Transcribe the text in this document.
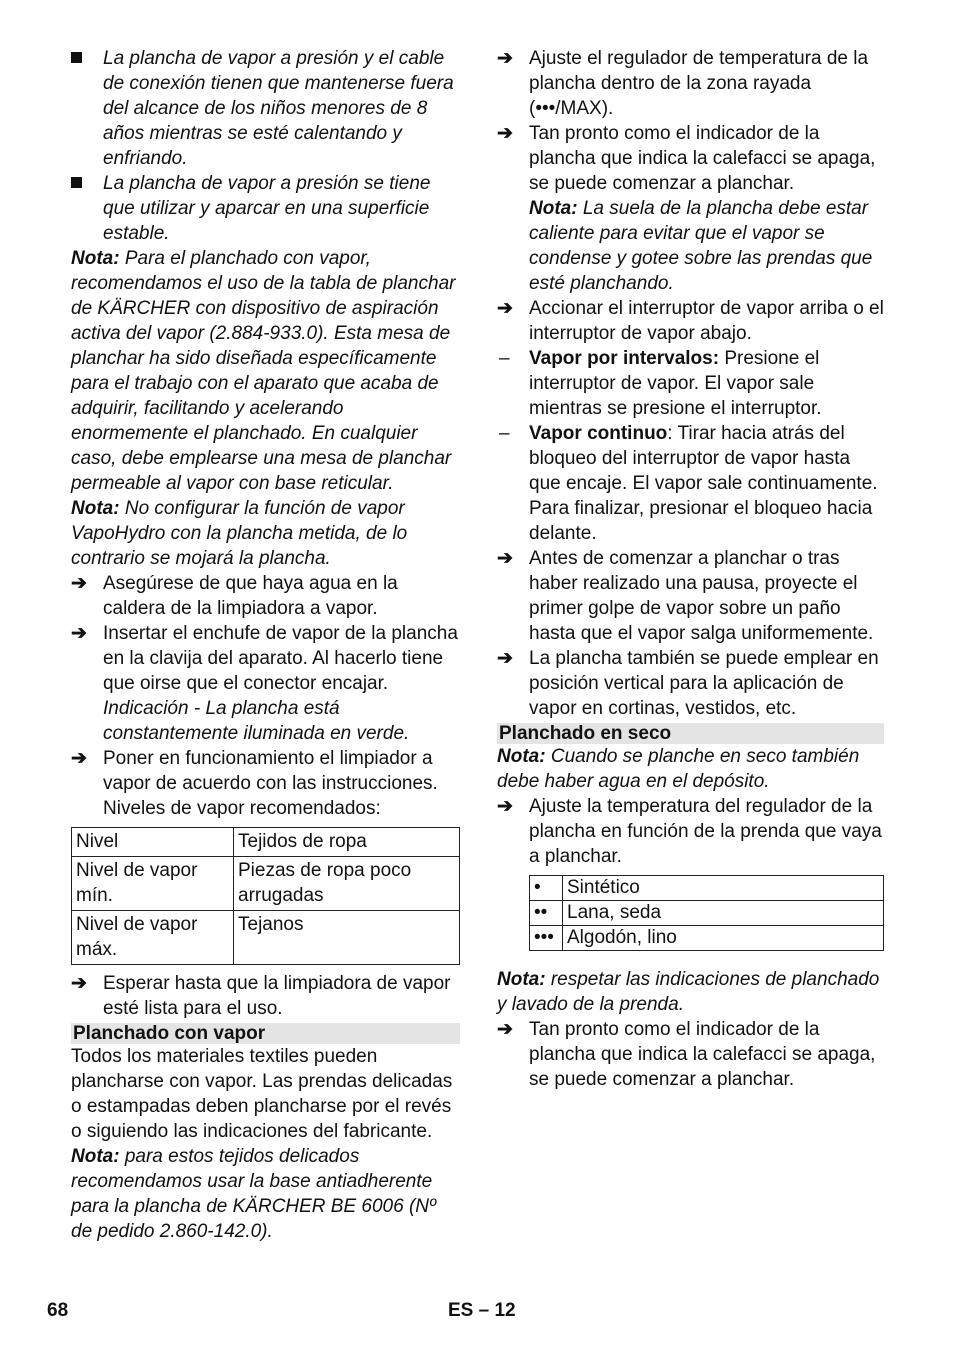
La plancha de vapor a presión y el cable de conexión tienen que mantenerse fuera del alcance de los niños menores de 8 años mientras se esté calentando y enfriando.
La plancha de vapor a presión se tiene que utilizar y aparcar en una superficie estable.

Nota: Para el planchado con vapor, recomendamos el uso de la tabla de planchar de KÄRCHER con dispositivo de aspiración activa del vapor (2.884-933.0). Esta mesa de planchar ha sido diseñada específicamente para el trabajo con el aparato que acaba de adquirir, facilitando y acelerando enormemente el planchado. En cualquier caso, debe emplearse una mesa de planchar permeable al vapor con base reticular.

Nota: No configurar la función de vapor VapoHydro con la plancha metida, de lo contrario se mojará la plancha.

➔ Asegúrese de que haya agua en la caldera de la limpiadora a vapor.
➔ Insertar el enchufe de vapor de la plancha en la clavija del aparato. Al hacerlo tiene que oirse que el conector encajar. Indicación - La plancha está constantemente iluminada en verde.
➔ Poner en funcionamiento el limpiador a vapor de acuerdo con las instrucciones. Niveles de vapor recomendados:
Nivel	Tejidos de ropa
Nivel de vapor mín.	Piezas de ropa poco arrugadas
Nivel de vapor máx.	Tejanos
➔ Esperar hasta que la limpiadora de vapor esté lista para el uso.

Planchado con vapor

Todos los materiales textiles pueden plancharse con vapor. Las prendas delicadas o estampadas deben plancharse por el revés o siguiendo las indicaciones del fabricante.

Nota: para estos tejidos delicados recomendamos usar la base antiadherente para la plancha de KÄRCHER BE 6006 (Nº de pedido 2.860-142.0).

➔ Ajuste el regulador de temperatura de la plancha dentro de la zona rayada (•••/MAX).
➔ Tan pronto como el indicador de la plancha que indica la calefacci se apaga, se puede comenzar a planchar.
Nota: La suela de la plancha debe estar caliente para evitar que el vapor se condense y gotee sobre las prendas que esté planchando.
➔ Accionar el interruptor de vapor arriba o el interruptor de vapor abajo.
– Vapor por intervalos: Presione el interruptor de vapor. El vapor sale mientras se presione el interruptor.
– Vapor continuo: Tirar hacia atrás del bloqueo del interruptor de vapor hasta que encaje. El vapor sale continuamente. Para finalizar, presionar el bloqueo hacia delante.
➔ Antes de comenzar a planchar o tras haber realizado una pausa, proyecte el primer golpe de vapor sobre un paño hasta que el vapor salga uniformemente.
➔ La plancha también se puede emplear en posición vertical para la aplicación de vapor en cortinas, vestidos, etc.

Planchado en seco

Nota: Cuando se planche en seco también debe haber agua en el depósito.

➔ Ajuste la temperatura del regulador de la plancha en función de la prenda que vaya a planchar.
•	Sintético
••	Lana, seda
•••	Algodón, lino

Nota: respetar las indicaciones de planchado y lavado de la prenda.

➔ Tan pronto como el indicador de la plancha que indica la calefacci se apaga, se puede comenzar a planchar.
68	ES – 12
